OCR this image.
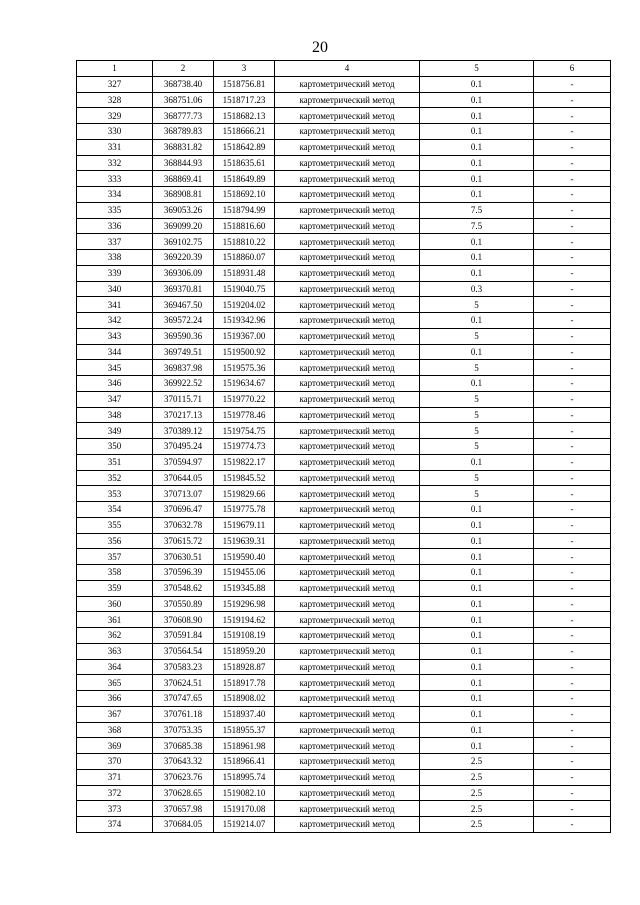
20
1	2	3	4	5	6
327	368738.40	1518756.81	картометрический метод	0.1	-
328	368751.06	1518717.23	картометрический метод	0.1	-
329	368777.73	1518682.13	картометрический метод	0.1	-
330	368789.83	1518666.21	картометрический метод	0.1	-
331	368831.82	1518642.89	картометрический метод	0.1	-
332	368844.93	1518635.61	картометрический метод	0.1	-
333	368869.41	1518649.89	картометрический метод	0.1	-
334	368908.81	1518692.10	картометрический метод	0.1	-
335	369053.26	1518794.99	картометрический метод	7.5	-
336	369099.20	1518816.60	картометрический метод	7.5	-
337	369102.75	1518810.22	картометрический метод	0.1	-
338	369220.39	1518860.07	картометрический метод	0.1	-
339	369306.09	1518931.48	картометрический метод	0.1	-
340	369370.81	1519040.75	картометрический метод	0.3	-
341	369467.50	1519204.02	картометрический метод	5	-
342	369572.24	1519342.96	картометрический метод	0.1	-
343	369590.36	1519367.00	картометрический метод	5	-
344	369749.51	1519500.92	картометрический метод	0.1	-
345	369837.98	1519575.36	картометрический метод	5	-
346	369922.52	1519634.67	картометрический метод	0.1	-
347	370115.71	1519770.22	картометрический метод	5	-
348	370217.13	1519778.46	картометрический метод	5	-
349	370389.12	1519754.75	картометрический метод	5	-
350	370495.24	1519774.73	картометрический метод	5	-
351	370594.97	1519822.17	картометрический метод	0.1	-
352	370644.05	1519845.52	картометрический метод	5	-
353	370713.07	1519829.66	картометрический метод	5	-
354	370696.47	1519775.78	картометрический метод	0.1	-
355	370632.78	1519679.11	картометрический метод	0.1	-
356	370615.72	1519639.31	картометрический метод	0.1	-
357	370630.51	1519590.40	картометрический метод	0.1	-
358	370596.39	1519455.06	картометрический метод	0.1	-
359	370548.62	1519345.88	картометрический метод	0.1	-
360	370550.89	1519296.98	картометрический метод	0.1	-
361	370608.90	1519194.62	картометрический метод	0.1	-
362	370591.84	1519108.19	картометрический метод	0.1	-
363	370564.54	1518959.20	картометрический метод	0.1	-
364	370583.23	1518928.87	картометрический метод	0.1	-
365	370624.51	1518917.78	картометрический метод	0.1	-
366	370747.65	1518908.02	картометрический метод	0.1	-
367	370761.18	1518937.40	картометрический метод	0.1	-
368	370753.35	1518955.37	картометрический метод	0.1	-
369	370685.38	1518961.98	картометрический метод	0.1	-
370	370643.32	1518966.41	картометрический метод	2.5	-
371	370623.76	1518995.74	картометрический метод	2.5	-
372	370628.65	1519082.10	картометрический метод	2.5	-
373	370657.98	1519170.08	картометрический метод	2.5	-
374	370684.05	1519214.07	картометрический метод	2.5	-
